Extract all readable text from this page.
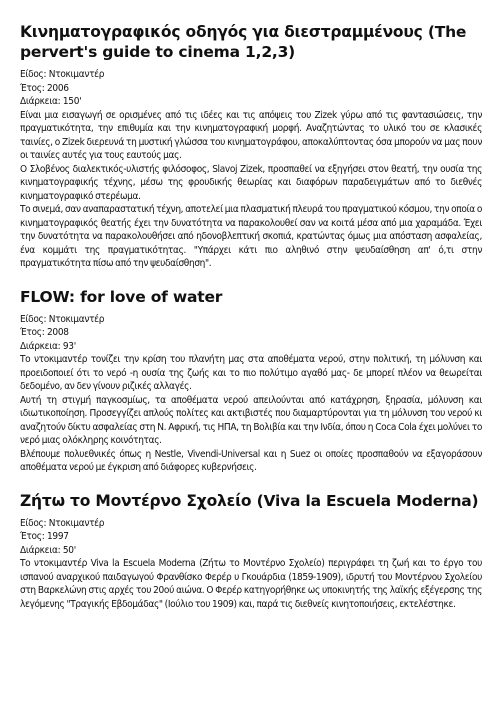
Κινηματογραφικός οδηγός για διεστραμμένους (The pervert's guide to cinema 1,2,3)

Είδος: Ντοκιμαντέρ

Έτος: 2006

Διάρκεια: 150'

Είναι μια εισαγωγή σε ορισμένες από τις ιδέες και τις απόψεις του Zizek γύρω από τις φαντασιώσεις, την πραγματικότητα, την επιθυμία και την κινηματογραφική μορφή. Αναζητώντας το υλικό του σε κλασικές ταινίες, ο Zizek διερευνά τη μυστική γλώσσα του κινηματογράφου, αποκαλύπτοντας όσα μπορούν να μας πουν οι ταινίες αυτές για τους εαυτούς μας.

Ο Σλοβένος διαλεκτικός-υλιστής φιλόσοφος, Slavoj Zizek, προσπαθεί να εξηγήσει στον θεατή, την ουσία της κινηματογραφικής τέχνης, μέσω της φρουδικής θεωρίας και διαφόρων παραδειγμάτων από το διεθνές κινηματογραφικό στερέωμα.

Το σινεμά, σαν αναπαραστατική τέχνη, αποτελεί μια πλασματική πλευρά του πραγματικού κόσμου, την οποία ο κινηματογραφικός θεατής έχει την δυνατότητα να παρακολουθεί σαν να κοιτά μέσα από μια χαραμάδα. Έχει την δυνατότητα να παρακολουθήσει από ηδονοβλεπτική σκοπιά, κρατώντας όμως μια απόσταση ασφαλείας, ένα κομμάτι της πραγματικότητας. "Υπάρχει κάτι πιο αληθινό στην ψευδαίσθηση απ' ό,τι στην πραγματικότητα πίσω από την ψευδαίσθηση".

FLOW: for love of water

Είδος: Ντοκιμαντέρ

Έτος: 2008

Διάρκεια: 93'

Το ντοκιμαντέρ τονίζει την κρίση του πλανήτη μας στα αποθέματα νερού, στην πολιτική, τη μόλυνση και προειδοποιεί ότι το νερό -η ουσία της ζωής και το πιο πολύτιμο αγαθό μας- δε μπορεί πλέον να θεωρείται δεδομένο, αν δεν γίνουν ριζικές αλλαγές.

Αυτή τη στιγμή παγκοσμίως, τα αποθέματα νερού απειλούνται από κατάχρηση, ξηρασία, μόλυνση και ιδιωτικοποίηση. Προσεγγίζει απλούς πολίτες και ακτιβιστές που διαμαρτύρονται για τη μόλυνση του νερού κι αναζητούν δίκτυ ασφαλείας στη Ν. Αφρική, τις ΗΠΑ, τη Βολιβία και την Ινδία, όπου η Coca Cola έχει μολύνει το νερό μιας ολόκληρης κοινότητας.

Βλέπουμε πολυεθνικές όπως η Nestle, Vivendi-Universal και η Suez οι οποίες προσπαθούν να εξαγοράσουν αποθέματα νερού με έγκριση από διάφορες κυβερνήσεις.

Ζήτω το Μοντέρνο Σχολείο (Viva la Escuela Moderna)

Είδος: Ντοκιμαντέρ

Έτος: 1997

Διάρκεια: 50'

Το ντοκιμαντέρ Viva la Escuela Moderna (Ζήτω το Μοντέρνο Σχολείο) περιγράφει τη ζωή και το έργο του ισπανού αναρχικού παιδαγωγού Φρανθίσκο Φερέρ υ Γκουάρδια (1859-1909), ιδρυτή του Μοντέρνου Σχολείου στη Βαρκελώνη στις αρχές του 20ού αιώνα. Ο Φερέρ κατηγορήθηκε ως υποκινητής της λαϊκής εξέγερσης της λεγόμενης "Τραγικής Εβδομάδας" (Ιούλιο του 1909) και, παρά τις διεθνείς κινητοποιήσεις, εκτελέστηκε.
